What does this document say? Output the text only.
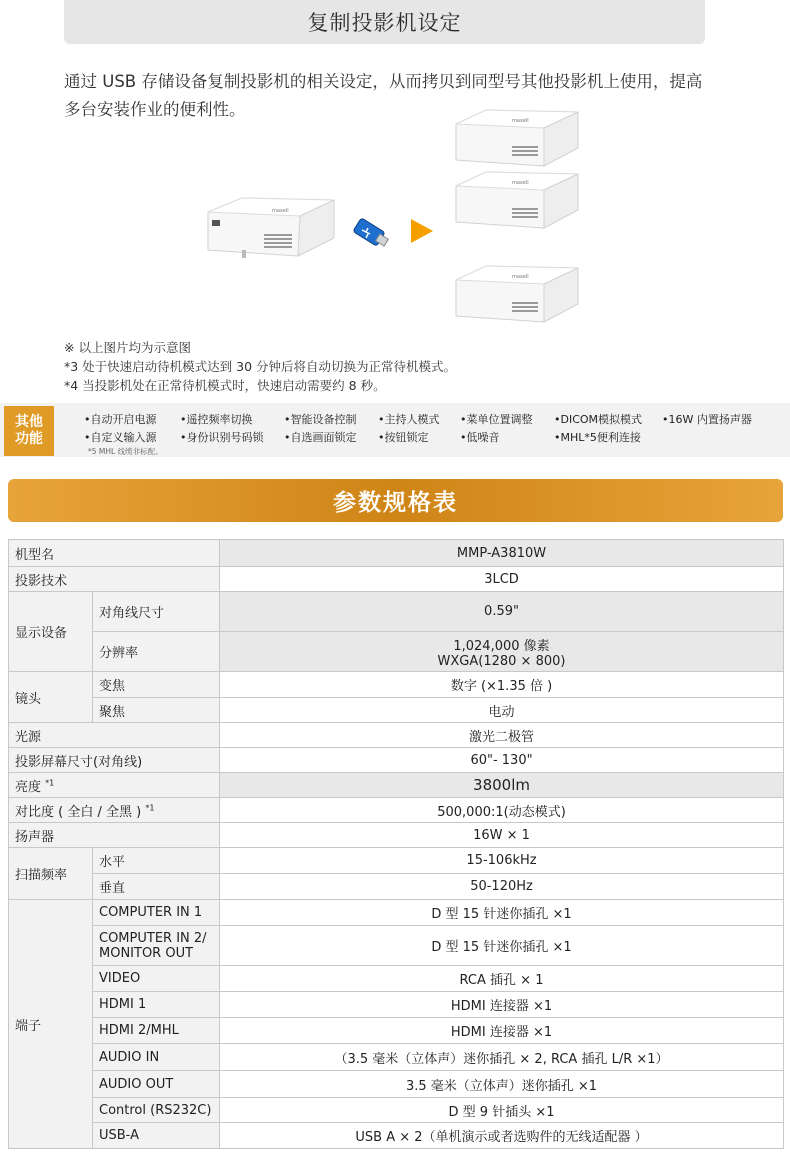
复制投影机设定

通过 USB 存储设备复制投影机的相关设定，从而拷贝到同型号其他投影机上使用，提高多台安装作业的便利性。

maxell
maxell
maxell
maxell
※ 以上图片均为示意图
*3 处于快速启动待机模式达到 30 分钟后将自动切换为正常待机模式。
*4 当投影机处在正常待机模式时，快速启动需要约 8 秒。
其他
功能
•自动开启电源 •遥控频率切换	•智能设备控制 •主持人模式 •菜单位置调整 •DICOM模拟模式 •16W 内置扬声器
•自定义输入源 •身份识别号码锁 •自选画面锁定 •按钮锁定	•低噪音	•MHL*5便利连接
*5 MHL 线缆非标配。
参数规格表
机型名		MMP-A3810W
投影技术		3LCD
显示设备	对角线尺寸	0.59"
	分辨率	1,024,000 像素
WXGA(1280 × 800)

镜头	变焦	数字 (×1.35 倍 )
	聚焦	电动
光源		激光二极管
投影屏幕尺寸(对角线)		60"- 130"
亮度 $^{*1}$		3800lm
对比度 ( 全白 / 全黑 ) $^{*1}$		500,000:1(动态模式)
扬声器		16W × 1
扫描频率	水平	15-106kHz
	垂直	50-120Hz
端子	COMPUTER IN 1	D 型 15 针迷你插孔 ×1

	COMPUTER IN 2/
MONITOR OUT	D 型 15 针迷你插孔 ×1
	VIDEO	RCA 插孔 × 1
	HDMI 1	HDMI 连接器 ×1
	HDMI 2/MHL	HDMI 连接器 ×1
	AUDIO IN	（3.5 毫米（立体声）迷你插孔 × 2, RCA 插孔 L/R ×1）
	AUDIO OUT	3.5 毫米（立体声）迷你插孔 ×1
	Control (RS232C)	D 型 9 针插头 ×1
	USB-A	USB A × 2（单机演示或者选购件的无线适配器 ）
